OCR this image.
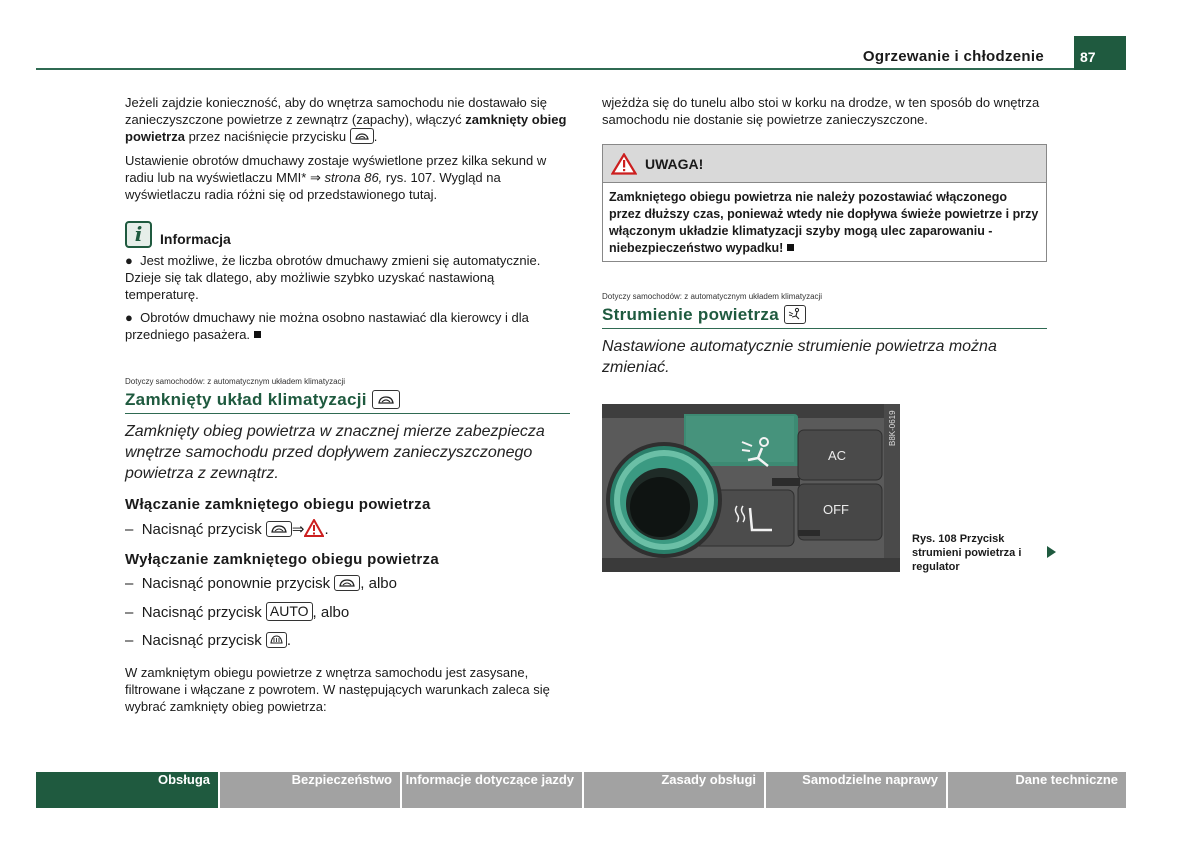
Ogrzewanie i chłodzenie	87

Jeżeli zajdzie konieczność, aby do wnętrza samochodu nie dostawało się zanieczyszczone powietrze z zewnątrz (zapachy), włączyć zamknięty obieg powietrza przez naciśnięcie przycisku .

Ustawienie obrotów dmuchawy zostaje wyświetlone przez kilka sekund w radiu lub na wyświetlaczu MMI* ⇒ strona 86, rys. 107. Wygląd na wyświetlaczu radia różni się od przedstawionego tutaj.

i	Informacja
●  Jest możliwe, że liczba obrotów dmuchawy zmieni się automatycznie. Dzieje się tak dlatego, aby możliwie szybko uzyskać nastawioną temperaturę.
●  Obrotów dmuchawy nie można osobno nastawiać dla kierowcy i dla przedniego pasażera.
Dotyczy samochodów: z automatycznym układem klimatyzacji
Zamknięty układ klimatyzacji
Zamknięty obieg powietrza w znacznej mierze zabezpiecza wnętrze samochodu przed dopływem zanieczyszczonego powietrza z zewnątrz.
Włączanie zamkniętego obiegu powietrza
–  Nacisnąć przycisk ⇒ .
Wyłączanie zamkniętego obiegu powietrza
–  Nacisnąć ponownie przycisk , albo
–  Nacisnąć przycisk AUTO , albo
–  Nacisnąć przycisk .

W zamkniętym obiegu powietrze z wnętrza samochodu jest zasysane, filtrowane i włączane z powrotem. W następujących warunkach zaleca się wybrać zamknięty obieg powietrza:

wjeżdża się do tunelu albo stoi w korku na drodze, w ten sposób do wnętrza samochodu nie dostanie się powietrze zanieczyszczone.

UWAGA!
Zamkniętego obiegu powietrza nie należy pozostawiać włączonego przez dłuższy czas, ponieważ wtedy nie dopływa świeże powietrze i przy włączonym układzie klimatyzacji szyby mogą ulec zaparowaniu - niebezpieczeństwo wypadku!
Dotyczy samochodów: z automatycznym układem klimatyzacji
Strumienie powietrza
Nastawione automatycznie strumienie powietrza można zmieniać.
AC
OFF
B8K-0619
Rys. 108 Przycisk strumieni powietrza i regulator
Obsługa	Bezpieczeństwo	Informacje dotyczące jazdy	Zasady obsługi	Samodzielne naprawy	Dane techniczne
